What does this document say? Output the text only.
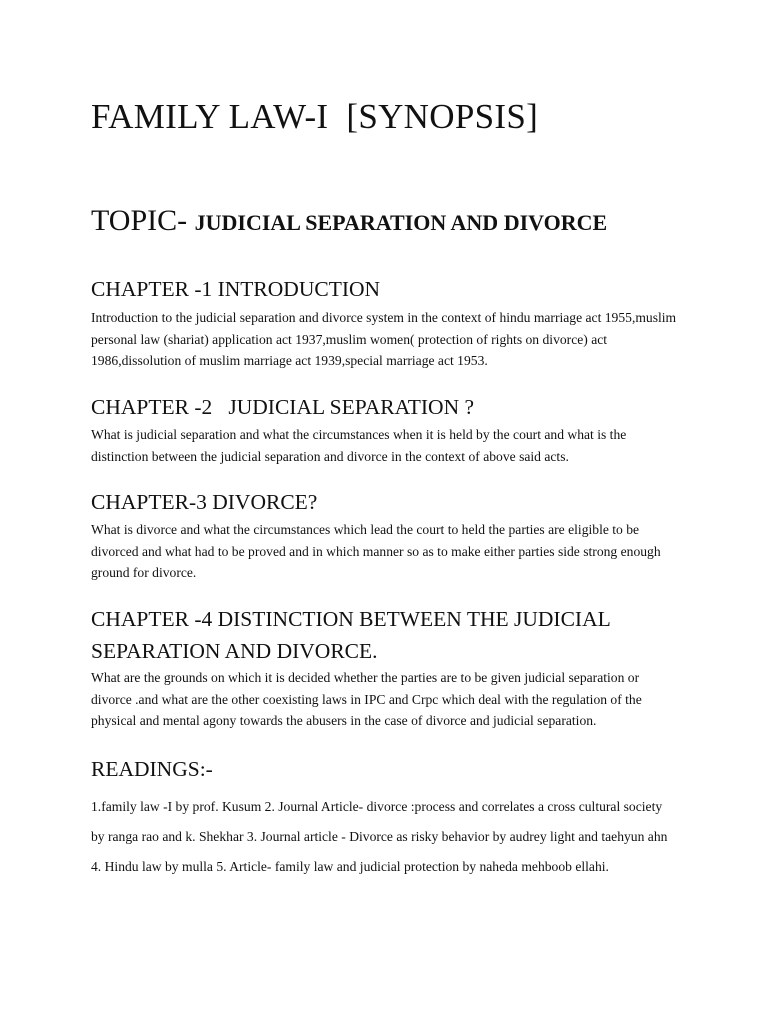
FAMILY LAW-I [SYNOPSIS]
TOPIC- JUDICIAL SEPARATION AND DIVORCE
CHAPTER -1 INTRODUCTION

Introduction to the judicial separation and divorce system in the context of hindu marriage act 1955,muslim personal law (shariat) application act 1937,muslim women( protection of rights on divorce) act 1986,dissolution of muslim marriage act 1939,special marriage act 1953.

CHAPTER -2   JUDICIAL SEPARATION ?

What is judicial separation and what the circumstances when it is held by the court and what is the distinction between the judicial separation and divorce in the context of above said acts.

CHAPTER-3 DIVORCE?

What is divorce and what the circumstances which lead the court to held the parties are eligible to be divorced and what had to be proved and in which manner so as to make either parties side strong enough ground for divorce.

CHAPTER -4 DISTINCTION BETWEEN THE JUDICIAL SEPARATION AND DIVORCE.

What are the grounds on which it is decided whether the parties are to be given judicial separation or divorce .and what are the other coexisting laws in IPC and Crpc which deal with the regulation of the physical and mental agony towards the abusers in the case of divorce and judicial separation.

READINGS:-

1.family law -I by prof. Kusum 2. Journal Article- divorce :process and correlates a cross cultural society by ranga rao and k. Shekhar 3. Journal article - Divorce as risky behavior by audrey light and taehyun ahn 4. Hindu law by mulla 5. Article- family law and judicial protection by naheda mehboob ellahi.
